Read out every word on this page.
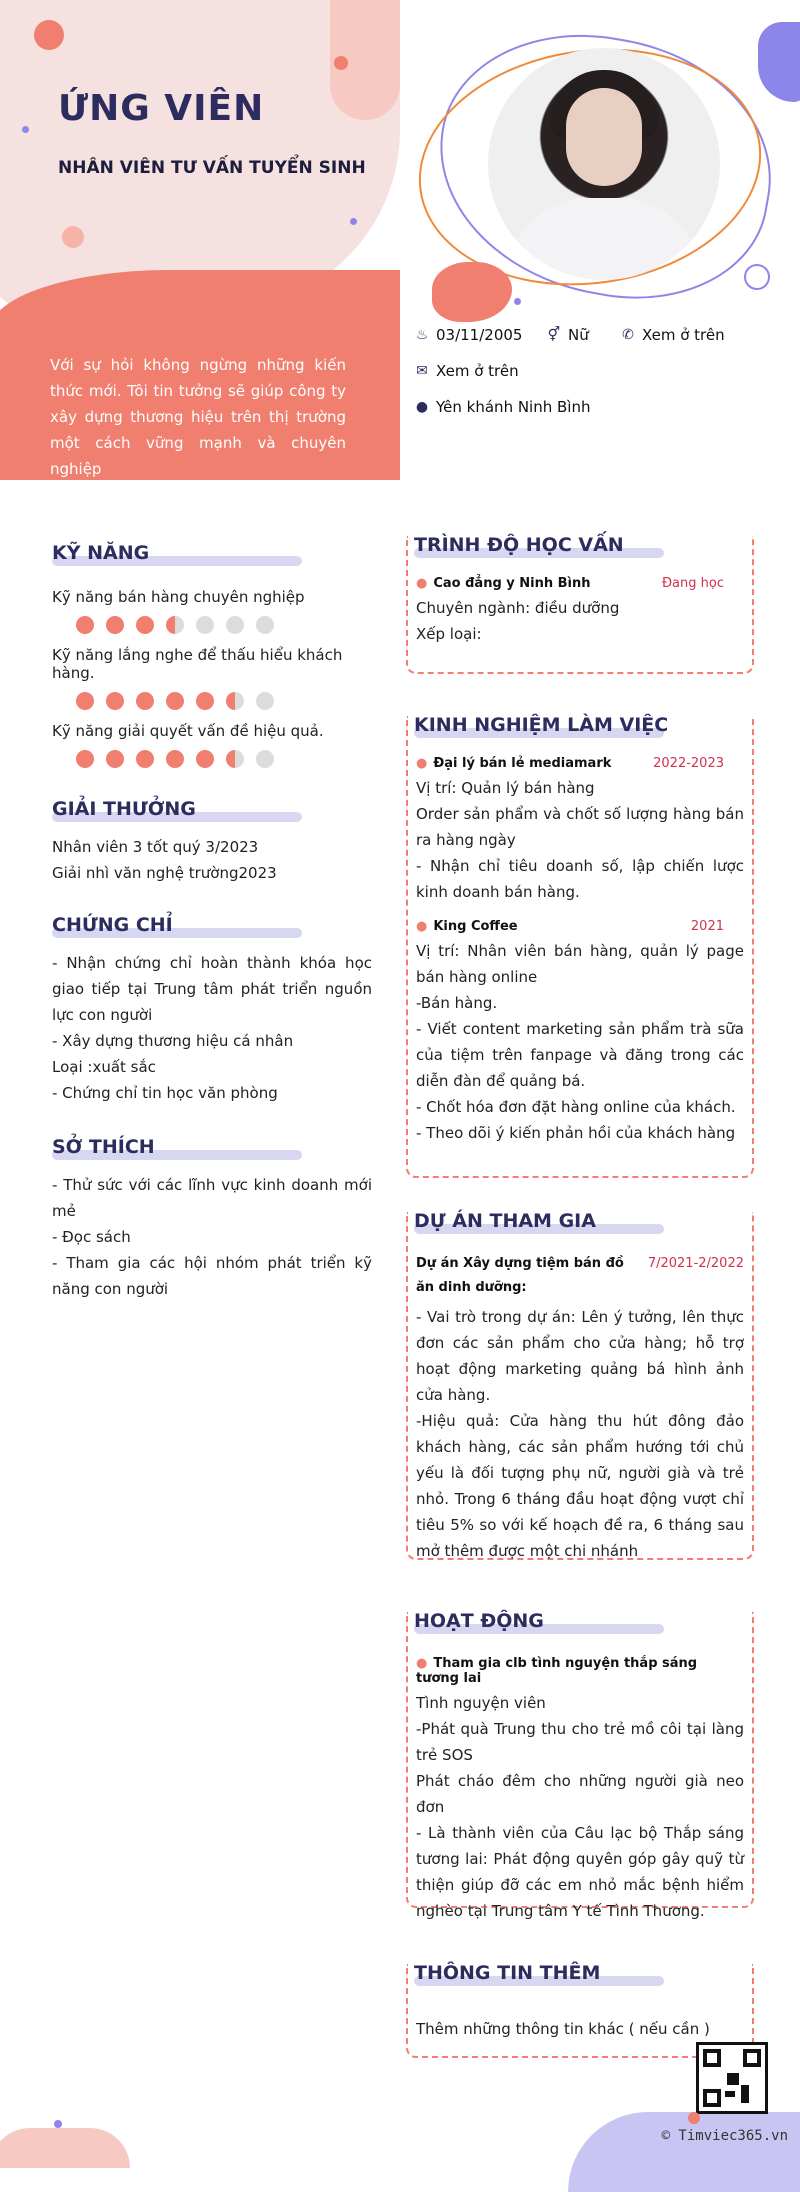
ỨNG VIÊN
NHÂN VIÊN TƯ VẤN TUYỂN SINH
Với sự hỏi không ngừng những kiến thức mới. Tôi tin tưởng sẽ giúp công ty xây dựng thương hiệu trên thị trường một cách vững mạnh và chuyên nghiệp
♨ 03/11/2005 ⚥ Nữ ✆ Xem ở trên
✉ Xem ở trên
● Yên khánh Ninh Bình
KỸ NĂNG
Kỹ năng bán hàng chuyên nghiệp
Kỹ năng lắng nghe để thấu hiểu khách hàng.
Kỹ năng giải quyết vấn đề hiệu quả.
GIẢI THƯỞNG
Nhân viên 3 tốt quý 3/2023
Giải nhì văn nghệ trường2023
CHỨNG CHỈ
- Nhận chứng chỉ hoàn thành khóa học giao tiếp tại Trung tâm phát triển nguồn lực con người
- Xây dựng thương hiệu cá nhân
Loại :xuất sắc
- Chứng chỉ tin học văn phòng
SỞ THÍCH
- Thử sức với các lĩnh vực kinh doanh mới mẻ
- Đọc sách
- Tham gia các hội nhóm phát triển kỹ năng con người
TRÌNH ĐỘ HỌC VẤN
● Cao đẳng y Ninh Bình	Đang học
Chuyên ngành: điều dưỡng
Xếp loại:
KINH NGHIỆM LÀM VIỆC
● Đại lý bán lẻ mediamark	2022-2023
Vị trí: Quản lý bán hàng
Order sản phẩm và chốt số lượng hàng bán ra hàng ngày
- Nhận chỉ tiêu doanh số, lập chiến lược kinh doanh bán hàng.
● King Coffee	2021
Vị trí: Nhân viên bán hàng, quản lý page bán hàng online
-Bán hàng.
- Viết content marketing sản phẩm trà sữa của tiệm trên fanpage và đăng trong các diễn đàn để quảng bá.
- Chốt hóa đơn đặt hàng online của khách.
- Theo dõi ý kiến phản hồi của khách hàng
DỰ ÁN THAM GIA
Dự án Xây dựng tiệm bán đồ ăn dinh dưỡng:
7/2021-2/2022
- Vai trò trong dự án: Lên ý tưởng, lên thực đơn các sản phẩm cho cửa hàng; hỗ trợ hoạt động marketing quảng bá hình ảnh cửa hàng.
-Hiệu quả: Cửa hàng thu hút đông đảo khách hàng, các sản phẩm hướng tới chủ yếu là đối tượng phụ nữ, người già và trẻ nhỏ. Trong 6 tháng đầu hoạt động vượt chỉ tiêu 5% so với kế hoạch đề ra, 6 tháng sau mở thêm được một chi nhánh
HOẠT ĐỘNG
● Tham gia clb tình nguyện thắp sáng tương lai
Tình nguyện viên
-Phát quà Trung thu cho trẻ mồ côi tại làng trẻ SOS
Phát cháo đêm cho những người già neo đơn
- Là thành viên của Câu lạc bộ Thắp sáng tương lai: Phát động quyên góp gây quỹ từ thiện giúp đỡ các em nhỏ mắc bệnh hiểm nghèo tại Trung tâm Y tế Tình Thương.
THÔNG TIN THÊM
Thêm những thông tin khác ( nếu cần )
© Timviec365.vn
